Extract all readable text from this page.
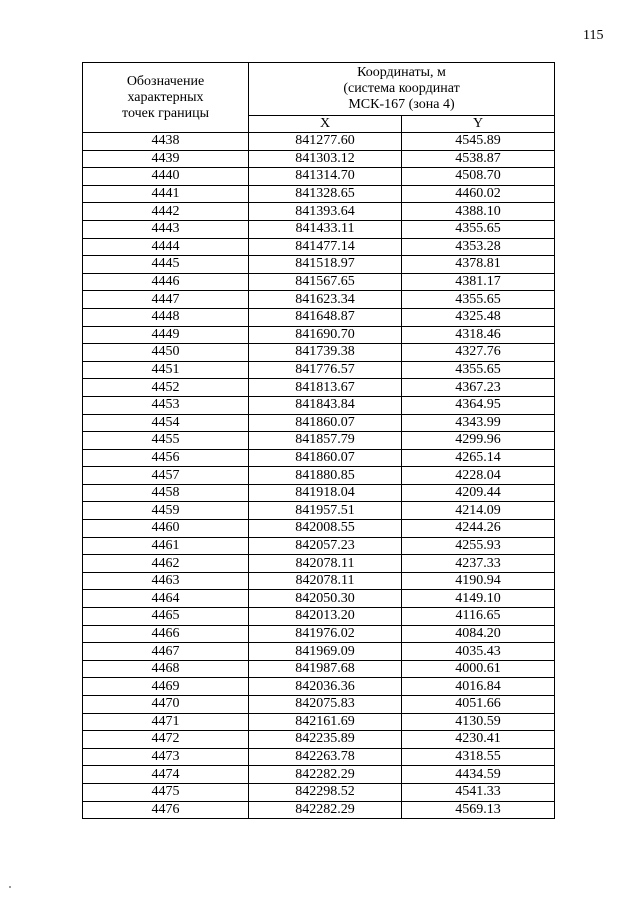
115
Обозначение
характерных
точек границы	Координаты, м
(система координат
МСК-167 (зона 4)	

	X	Y
4438	841277.60	4545.89
4439	841303.12	4538.87
4440	841314.70	4508.70
4441	841328.65	4460.02
4442	841393.64	4388.10
4443	841433.11	4355.65
4444	841477.14	4353.28
4445	841518.97	4378.81
4446	841567.65	4381.17
4447	841623.34	4355.65
4448	841648.87	4325.48
4449	841690.70	4318.46
4450	841739.38	4327.76
4451	841776.57	4355.65
4452	841813.67	4367.23
4453	841843.84	4364.95
4454	841860.07	4343.99
4455	841857.79	4299.96
4456	841860.07	4265.14
4457	841880.85	4228.04
4458	841918.04	4209.44
4459	841957.51	4214.09
4460	842008.55	4244.26
4461	842057.23	4255.93
4462	842078.11	4237.33
4463	842078.11	4190.94
4464	842050.30	4149.10
4465	842013.20	4116.65
4466	841976.02	4084.20
4467	841969.09	4035.43
4468	841987.68	4000.61
4469	842036.36	4016.84
4470	842075.83	4051.66
4471	842161.69	4130.59
4472	842235.89	4230.41
4473	842263.78	4318.55
4474	842282.29	4434.59
4475	842298.52	4541.33
4476	842282.29	4569.13
